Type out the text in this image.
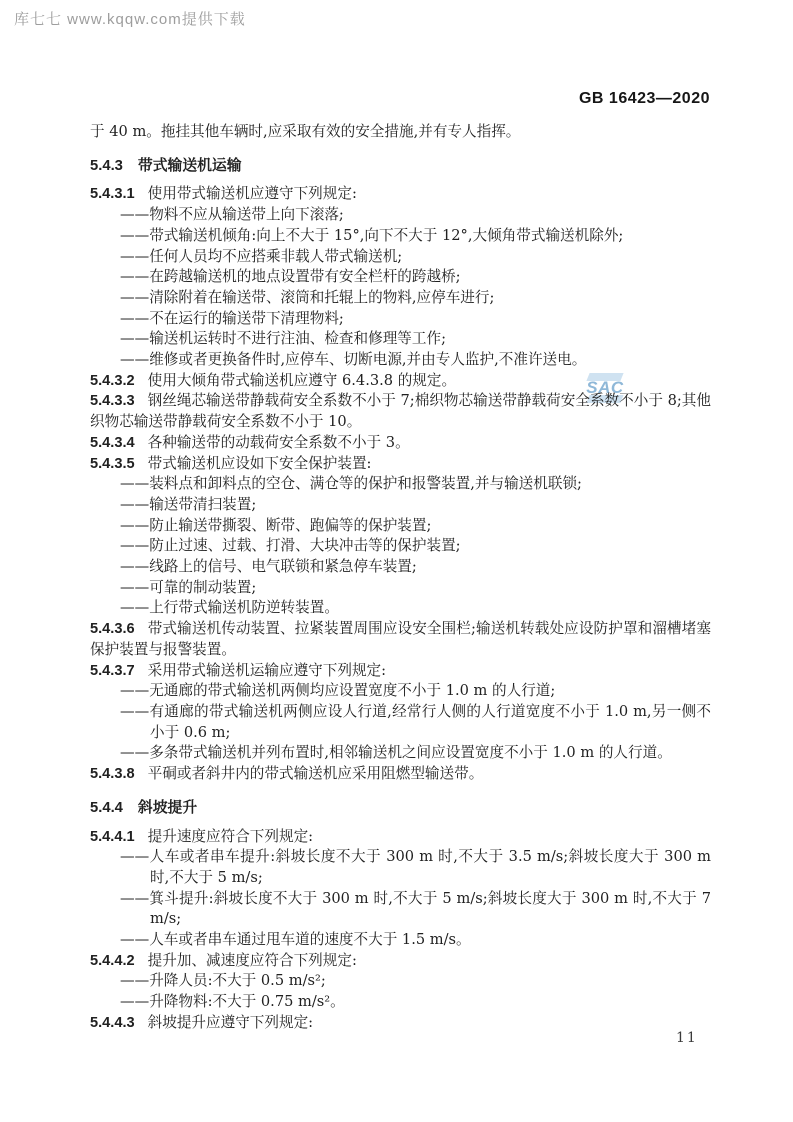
库七七 www.kqqw.com提供下载
GB 16423—2020
SAC

于 40 m。拖挂其他车辆时,应采取有效的安全措施,并有专人指挥。

5.4.3 带式输送机运输

5.4.3.1 使用带式输送机应遵守下列规定:

——物料不应从输送带上向下滚落;

——带式输送机倾角:向上不大于 15°,向下不大于 12°,大倾角带式输送机除外;

——任何人员均不应搭乘非载人带式输送机;

——在跨越输送机的地点设置带有安全栏杆的跨越桥;

——清除附着在输送带、滚筒和托辊上的物料,应停车进行;

——不在运行的输送带下清理物料;

——输送机运转时不进行注油、检查和修理等工作;

——维修或者更换备件时,应停车、切断电源,并由专人监护,不准许送电。

5.4.3.2 使用大倾角带式输送机应遵守 6.4.3.8 的规定。

5.4.3.3 钢丝绳芯输送带静载荷安全系数不小于 7;棉织物芯输送带静载荷安全系数不小于 8;其他织物芯输送带静载荷安全系数不小于 10。

5.4.3.4 各种输送带的动载荷安全系数不小于 3。

5.4.3.5 带式输送机应设如下安全保护装置:

——装料点和卸料点的空仓、满仓等的保护和报警装置,并与输送机联锁;

——输送带清扫装置;

——防止输送带撕裂、断带、跑偏等的保护装置;

——防止过速、过载、打滑、大块冲击等的保护装置;

——线路上的信号、电气联锁和紧急停车装置;

——可靠的制动装置;

——上行带式输送机防逆转装置。

5.4.3.6 带式输送机传动装置、拉紧装置周围应设安全围栏;输送机转载处应设防护罩和溜槽堵塞保护装置与报警装置。

5.4.3.7 采用带式输送机运输应遵守下列规定:

——无通廊的带式输送机两侧均应设置宽度不小于 1.0 m 的人行道;

——有通廊的带式输送机两侧应设人行道,经常行人侧的人行道宽度不小于 1.0 m,另一侧不小于 0.6 m;

——多条带式输送机并列布置时,相邻输送机之间应设置宽度不小于 1.0 m 的人行道。

5.4.3.8 平硐或者斜井内的带式输送机应采用阻燃型输送带。

5.4.4 斜坡提升

5.4.4.1 提升速度应符合下列规定:

——人车或者串车提升:斜坡长度不大于 300 m 时,不大于 3.5 m/s;斜坡长度大于 300 m 时,不大于 5 m/s;

——箕斗提升:斜坡长度不大于 300 m 时,不大于 5 m/s;斜坡长度大于 300 m 时,不大于 7 m/s;

——人车或者串车通过甩车道的速度不大于 1.5 m/s。

5.4.4.2 提升加、减速度应符合下列规定:

——升降人员:不大于 0.5 m/s²;

——升降物料:不大于 0.75 m/s²。

5.4.4.3 斜坡提升应遵守下列规定:

11
